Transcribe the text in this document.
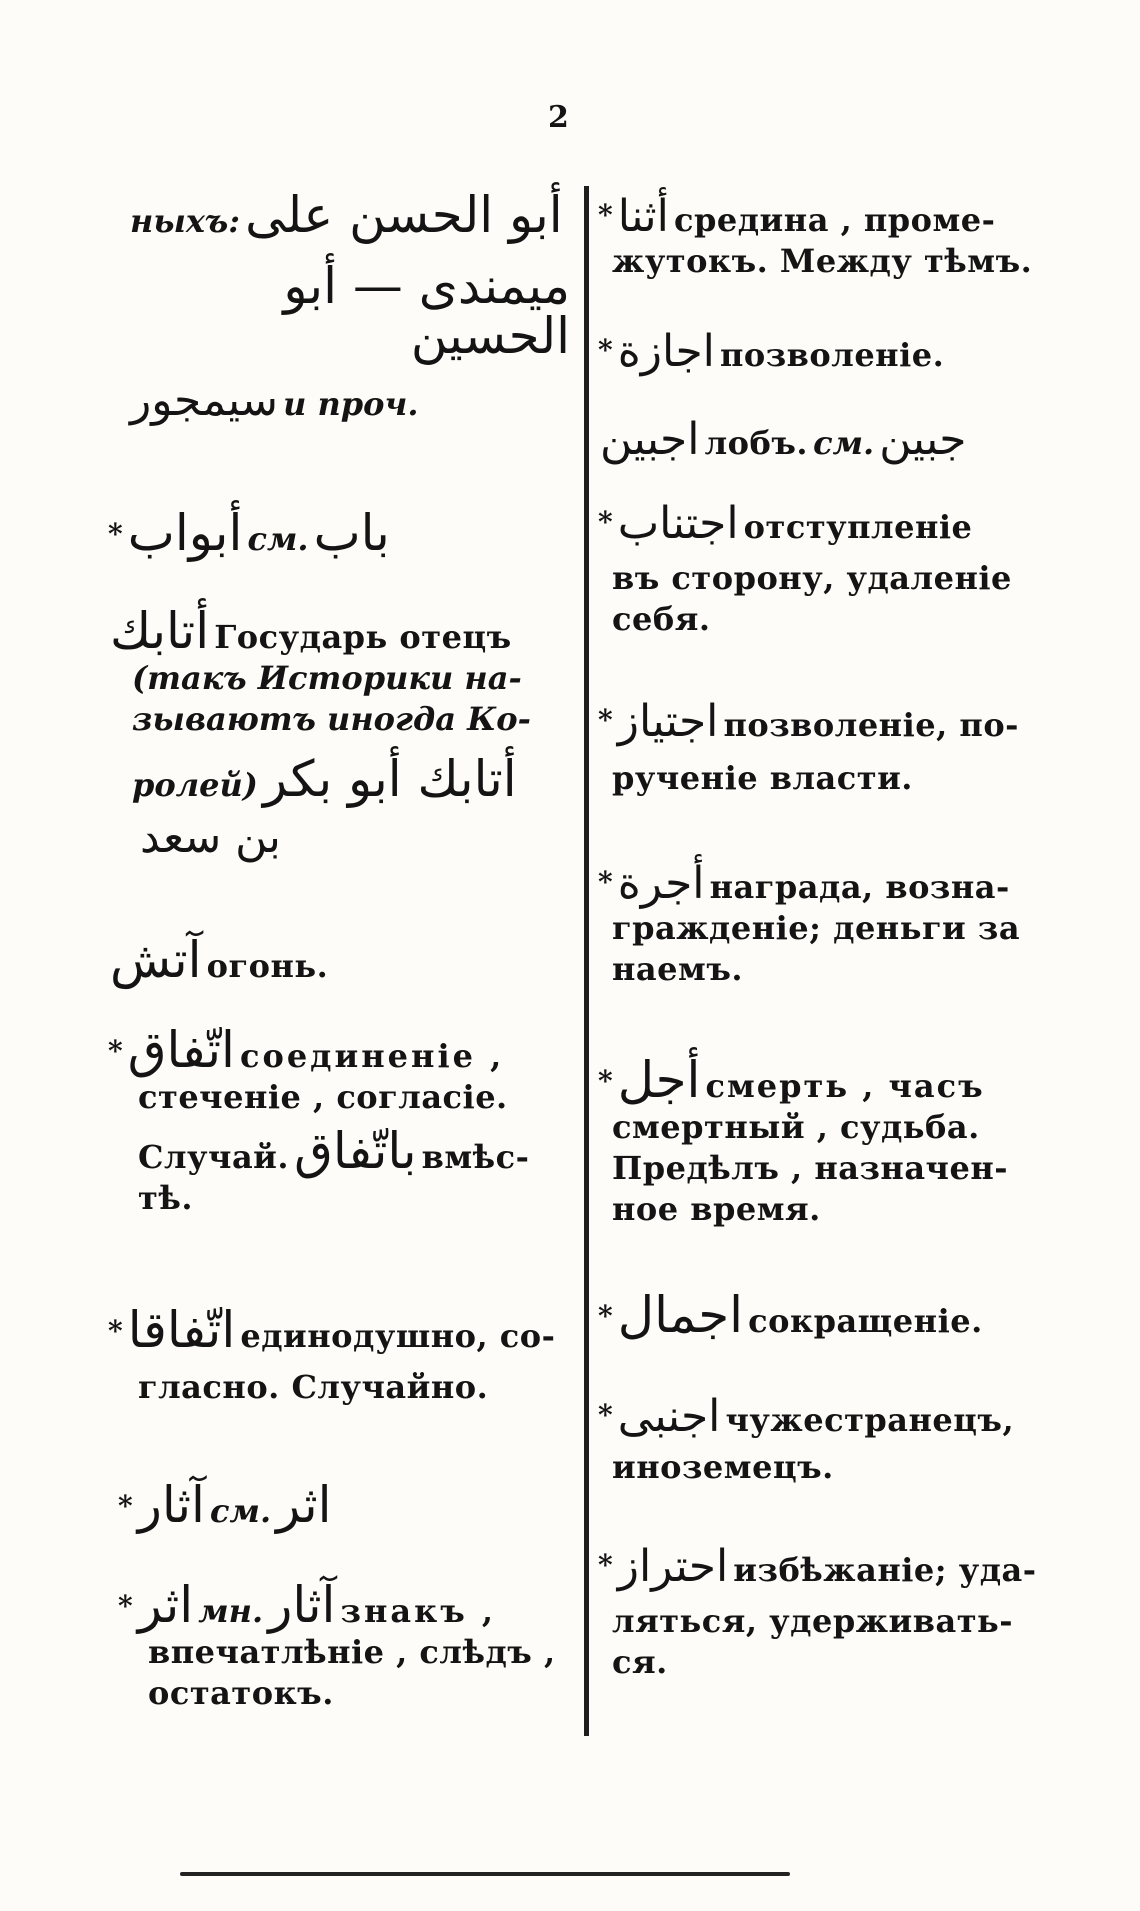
2
ныхъ: أبو الحسن على
ميمندى — أبو الحسين
سيمجور и проч.
* أبواب см. باب
أتابك Государь отецъ
(такъ Историки на-
зываютъ иногда Ко-
ролей) أتابك أبو بكر
بن سعد
آتش огонь.
* اتّفاق соединенiе ,
стеченiе , согласiе.
Случай. باتّفاق вмѣс-
тѣ.
* اتّفاقا единодушно, со-
гласно. Случайно.
* آثار см. اثر
* اثر мн. آثار знакъ ,
впечатлѣнiе , слѣдъ ,
остатокъ.
* أثنا средина , проме-
жутокъ. Между тѣмъ.
* اجازة позволенiе.
اجبين лобъ. см. جبين
* اجتناب отступленiе
въ сторону, удаленiе
себя.
* اجتياز позволенiе, по-
рученiе власти.
* أجرة награда, возна-
гражденiе; деньги за
наемъ.
* أجل смерть , часъ
смертный , судьба.
Предѣлъ , назначен-
ное время.
* اجمال сокращенiе.
* اجنبى чужестранецъ,
иноземецъ.
* احتراز избѣжанiе; уда-
ляться, удерживать-
ся.
